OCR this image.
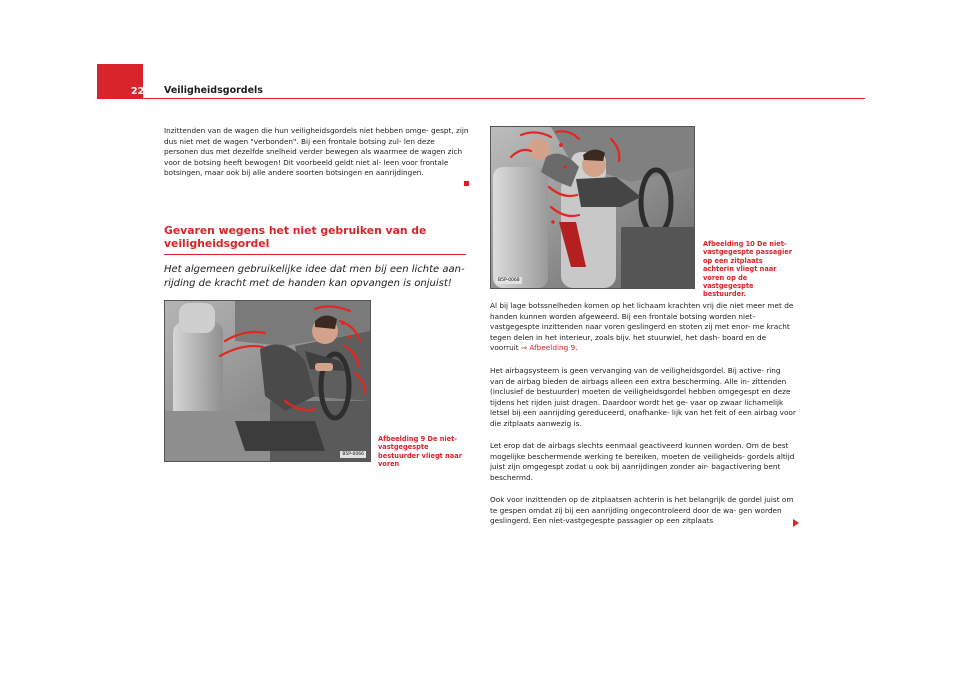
22 Veiligheidsgordels

Inzittenden van de wagen die hun veiligheidsgordels niet hebben omge- gespt, zijn dus niet met de wagen "verbonden". Bij een frontale botsing zul- len deze personen dus met dezelfde snelheid verder bewegen als waarmee de wagen zich voor de botsing heeft bewogen! Dit voorbeeld geldt niet al- leen voor frontale botsingen, maar ook bij alle andere soorten botsingen en aanrijdingen.

Gevaren wegens het niet gebruiken van de veiligheidsgordel

Het algemeen gebruikelijke idee dat men bij een lichte aan- rijding de kracht met de handen kan opvangen is onjuist!

B5P-0066

Afbeelding 9 De niet- vastgegespte bestuurder vliegt naar voren

B5P-0068

Afbeelding 10 De niet- vastgegespte passagier op een zitplaats achterin vliegt naar voren op de vastgegespte bestuurder.

Al bij lage botssnelheden komen op het lichaam krachten vrij die niet meer met de handen kunnen worden afgeweerd. Bij een frontale botsing worden niet-vastgegespte inzittenden naar voren geslingerd en stoten zij met enor- me kracht tegen delen in het interieur, zoals bijv. het stuurwiel, het dash- board en de voorruit ⇒ Afbeelding 9.

Het airbagsysteem is geen vervanging van de veiligheidsgordel. Bij active- ring van de airbag bieden de airbags alleen een extra bescherming. Alle in- zittenden (inclusief de bestuurder) moeten de veiligheidsgordel hebben omgegespt en deze tijdens het rijden juist dragen. Daardoor wordt het ge- vaar op zwaar lichamelijk letsel bij een aanrijding gereduceerd, onafhanke- lijk van het feit of een airbag voor die zitplaats aanwezig is.

Let erop dat de airbags slechts eenmaal geactiveerd kunnen worden. Om de best mogelijke beschermende werking te bereiken, moeten de veiligheids- gordels altijd juist zijn omgegespt zodat u ook bij aanrijdingen zonder air- bagactivering bent beschermd.

Ook voor inzittenden op de zitplaatsen achterin is het belangrijk de gordel juist om te gespen omdat zij bij een aanrijding ongecontroleerd door de wa- gen worden geslingerd. Een niet-vastgegespte passagier op een zitplaats
